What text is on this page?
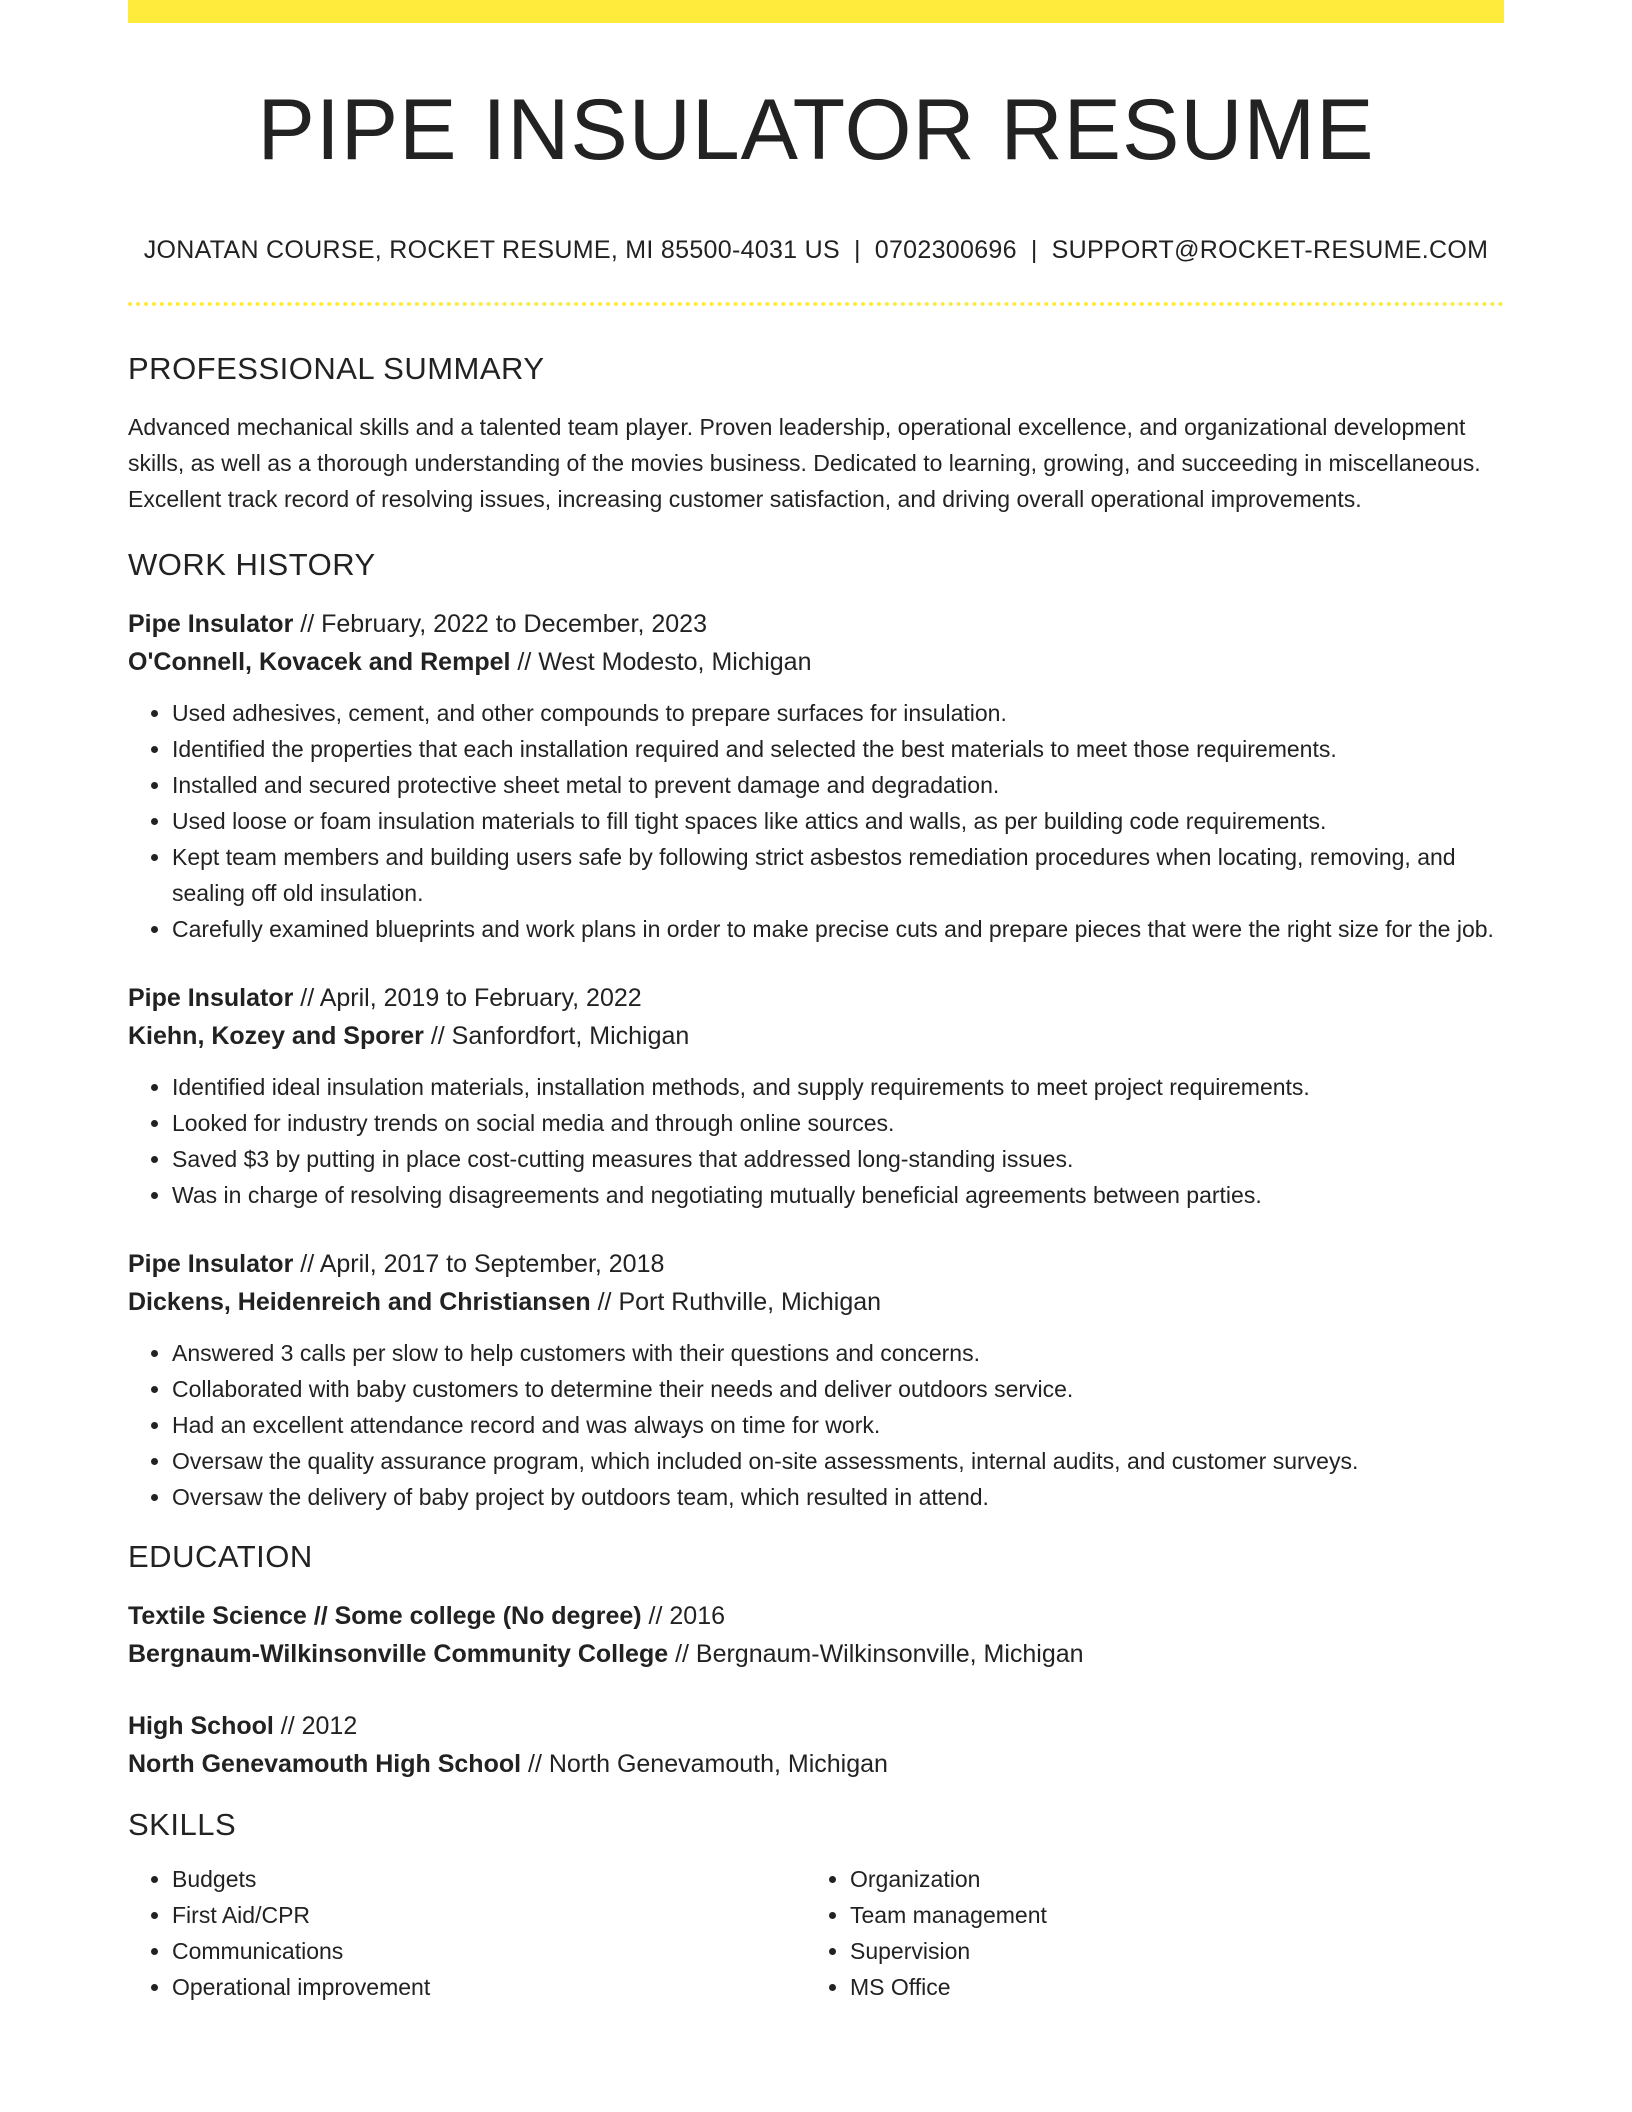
PIPE INSULATOR RESUME
JONATAN COURSE, ROCKET RESUME, MI 85500-4031 US | 0702300696 | SUPPORT@ROCKET-RESUME.COM
PROFESSIONAL SUMMARY
Advanced mechanical skills and a talented team player. Proven leadership, operational excellence, and organizational development skills, as well as a thorough understanding of the movies business. Dedicated to learning, growing, and succeeding in miscellaneous. Excellent track record of resolving issues, increasing customer satisfaction, and driving overall operational improvements.
WORK HISTORY
Pipe Insulator // February, 2022 to December, 2023
O'Connell, Kovacek and Rempel // West Modesto, Michigan
• Used adhesives, cement, and other compounds to prepare surfaces for insulation.
• Identified the properties that each installation required and selected the best materials to meet those requirements.
• Installed and secured protective sheet metal to prevent damage and degradation.
• Used loose or foam insulation materials to fill tight spaces like attics and walls, as per building code requirements.
• Kept team members and building users safe by following strict asbestos remediation procedures when locating, removing, and sealing off old insulation.
• Carefully examined blueprints and work plans in order to make precise cuts and prepare pieces that were the right size for the job.
Pipe Insulator // April, 2019 to February, 2022
Kiehn, Kozey and Sporer // Sanfordfort, Michigan
• Identified ideal insulation materials, installation methods, and supply requirements to meet project requirements.
• Looked for industry trends on social media and through online sources.
• Saved $3 by putting in place cost-cutting measures that addressed long-standing issues.
• Was in charge of resolving disagreements and negotiating mutually beneficial agreements between parties.
Pipe Insulator // April, 2017 to September, 2018
Dickens, Heidenreich and Christiansen // Port Ruthville, Michigan
• Answered 3 calls per slow to help customers with their questions and concerns.
• Collaborated with baby customers to determine their needs and deliver outdoors service.
• Had an excellent attendance record and was always on time for work.
• Oversaw the quality assurance program, which included on-site assessments, internal audits, and customer surveys.
• Oversaw the delivery of baby project by outdoors team, which resulted in attend.
EDUCATION
Textile Science // Some college (No degree) // 2016
Bergnaum-Wilkinsonville Community College // Bergnaum-Wilkinsonville, Michigan
High School // 2012
North Genevamouth High School // North Genevamouth, Michigan
SKILLS
• Budgets
• First Aid/CPR
• Communications
• Operational improvement
• Organization
• Team management
• Supervision
• MS Office
